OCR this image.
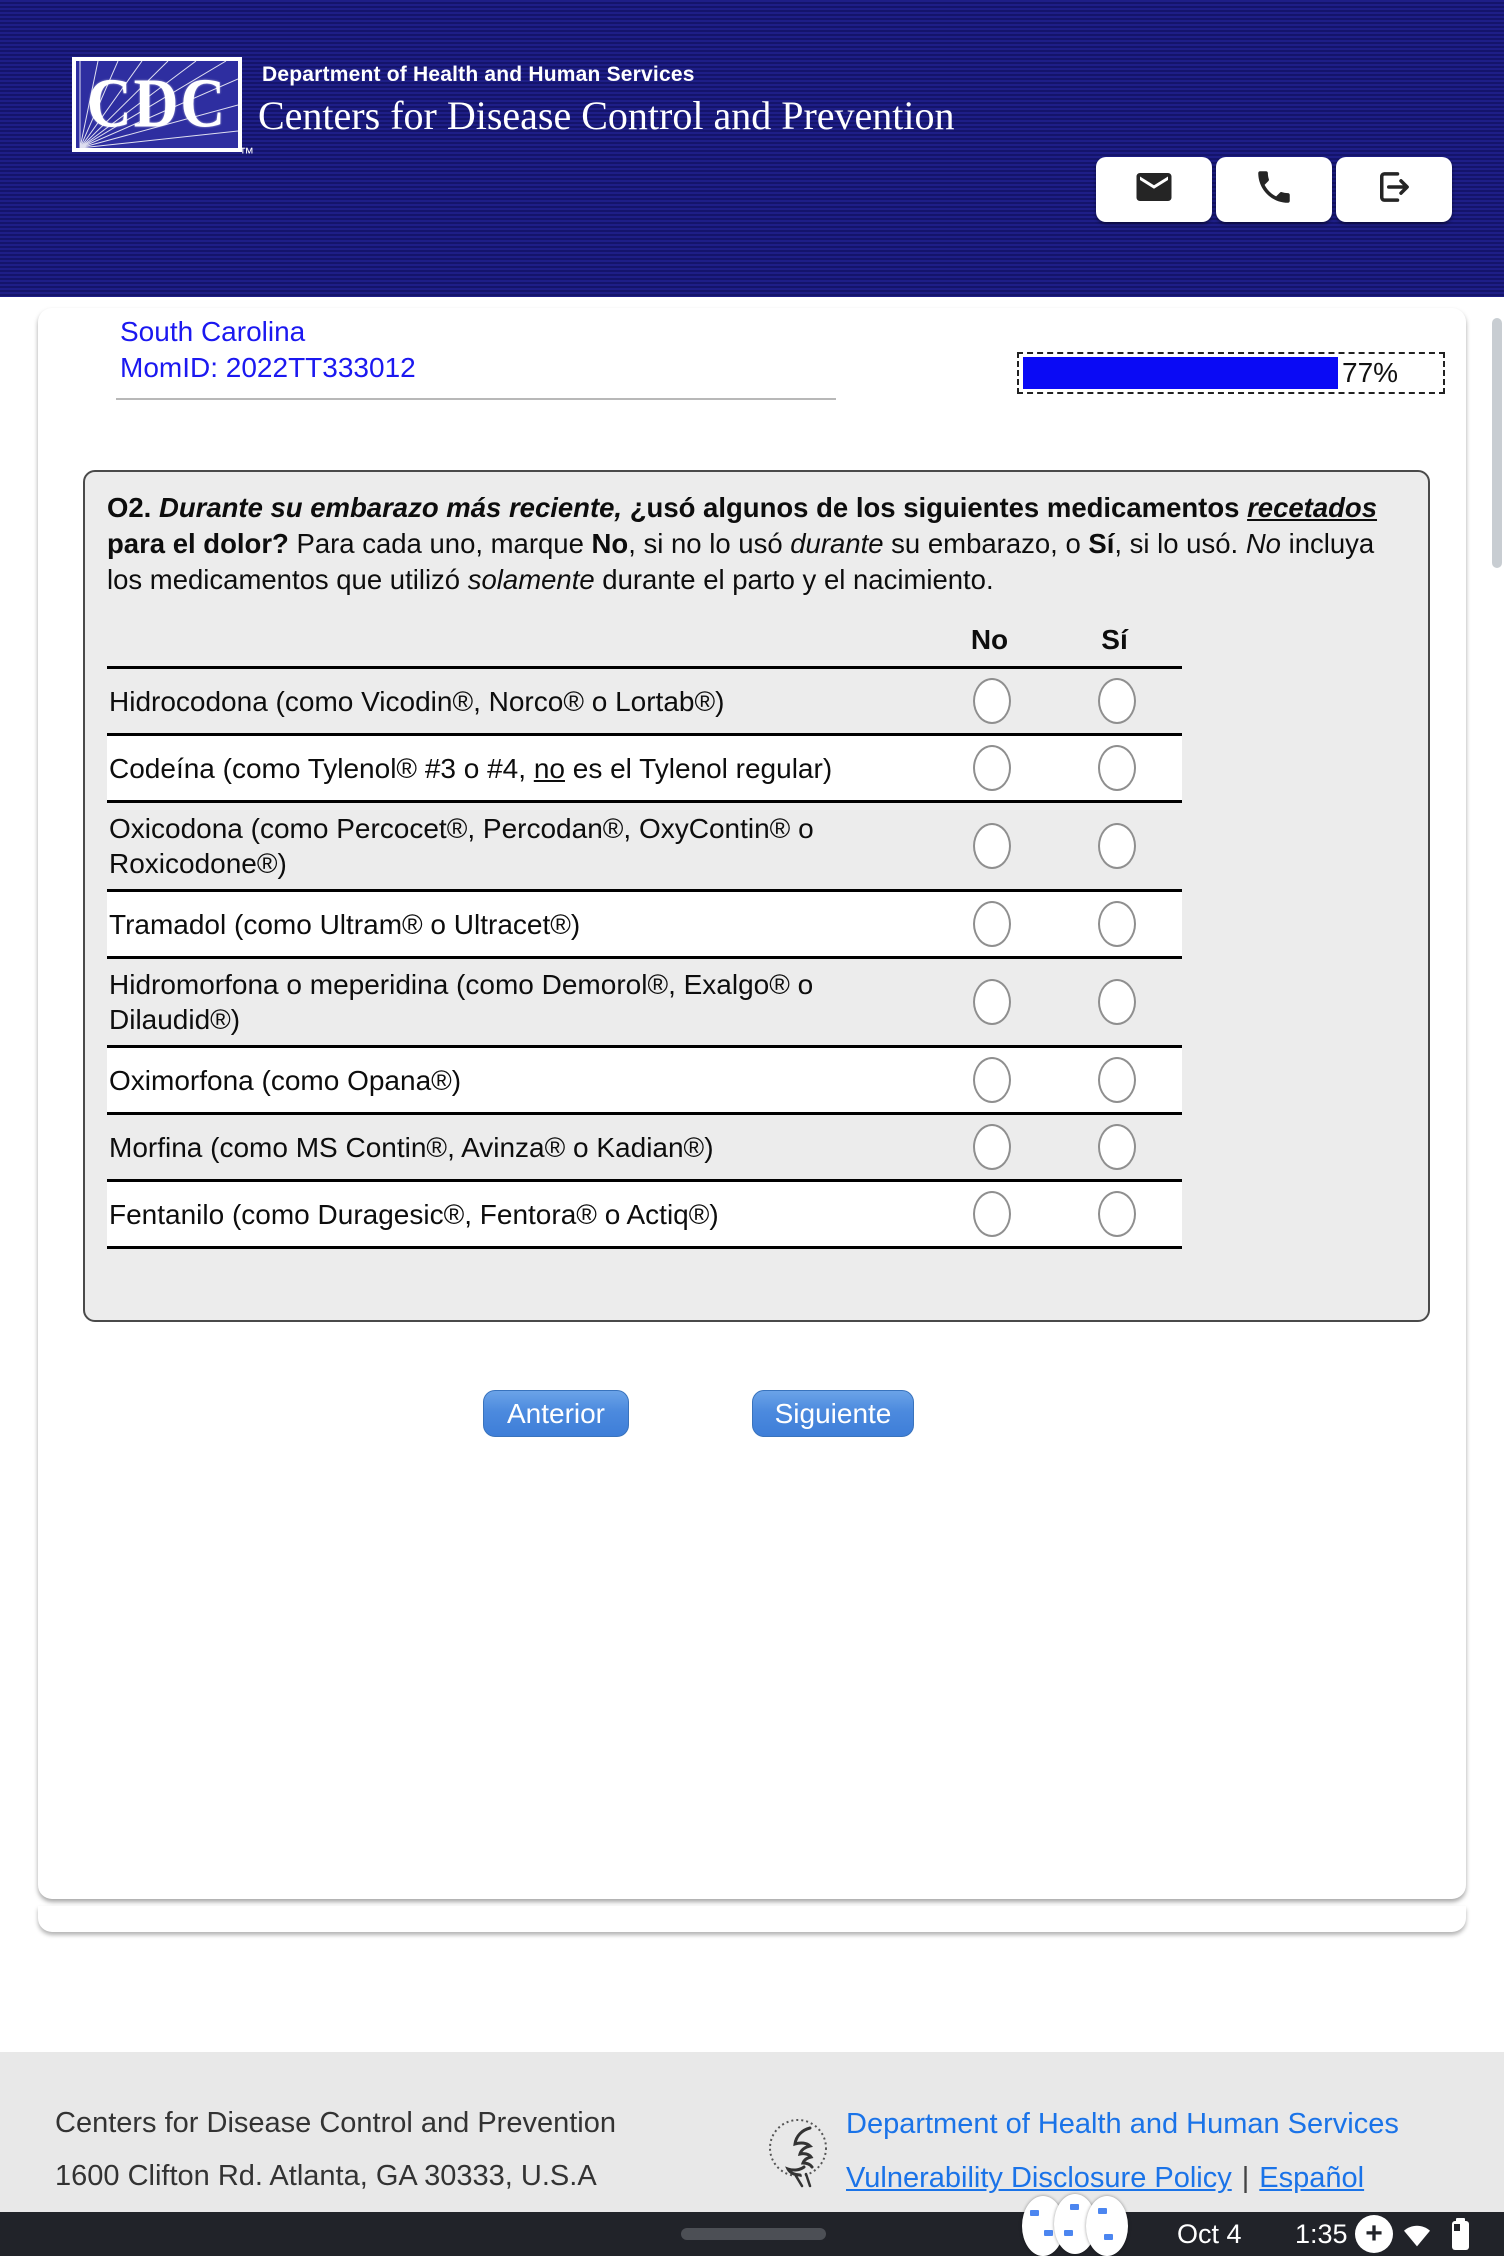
CDC
™
Department of Health and Human Services
Centers for Disease Control and Prevention
South Carolina
MomID: 2022TT333012	77%
O2. Durante su embarazo más reciente, ¿usó algunos de los siguientes medicamentos recetados para el dolor? Para cada uno, marque No, si no lo usó durante su embarazo, o Sí, si lo usó. No incluya los medicamentos que utilizó solamente durante el parto y el nacimiento.
No	Sí
Hidrocodona (como Vicodin®, Norco® o Lortab®)
Codeína (como Tylenol® #3 o #4, no es el Tylenol regular)
Oxicodona (como Percocet®, Percodan®, OxyContin® o Roxicodone®)
Tramadol (como Ultram® o Ultracet®)
Hidromorfona o meperidina (como Demorol®, Exalgo® o Dilaudid®)
Oximorfona (como Opana®)
Morfina (como MS Contin®, Avinza® o Kadian®)
Fentanilo (como Duragesic®, Fentora® o Actiq®)
Anterior	Siguiente
Centers for Disease Control and Prevention
1600 Clifton Rd. Atlanta, GA 30333, U.S.A
Department of Health and Human Services
Vulnerability Disclosure Policy | Español
Oct 4 1:35 +
